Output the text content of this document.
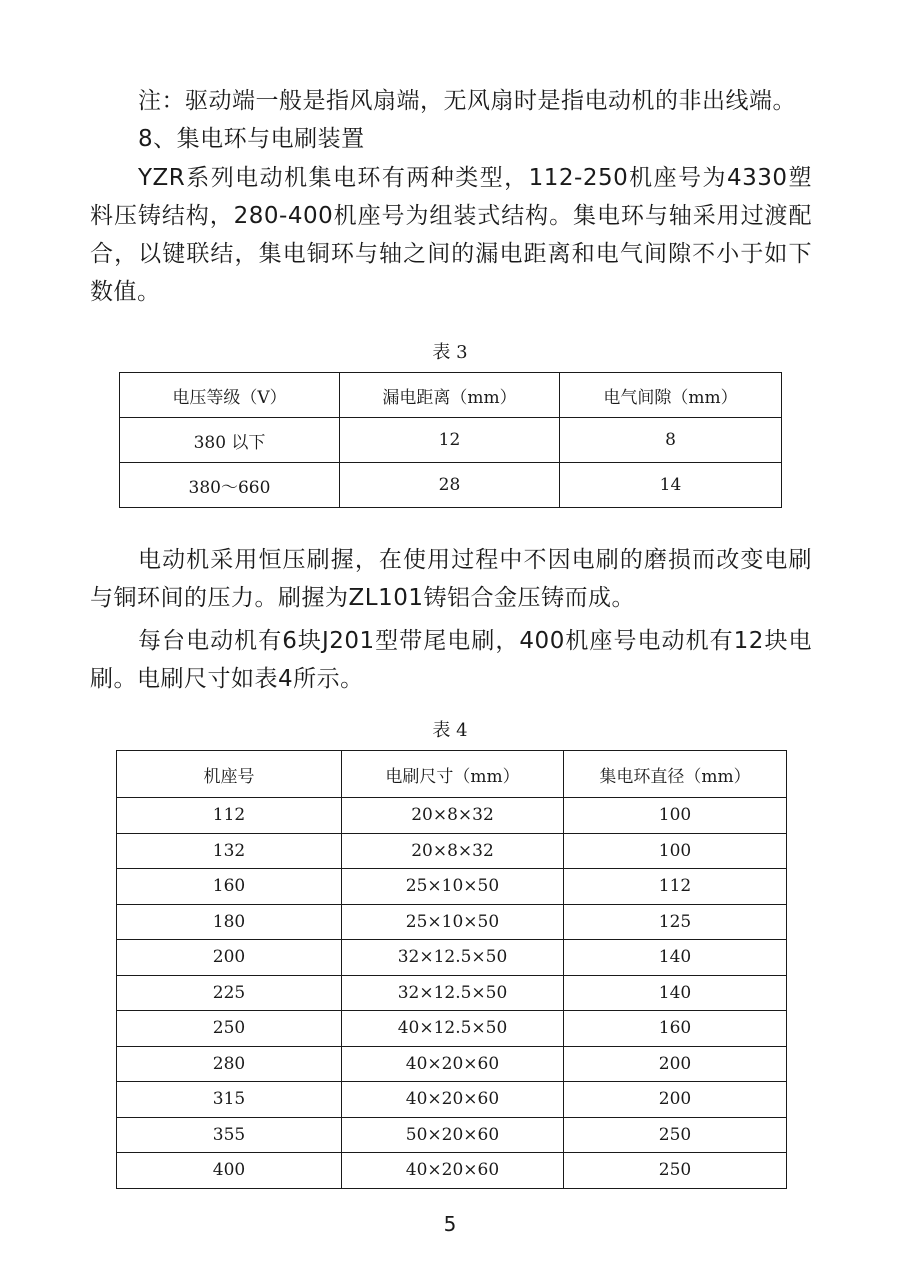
注：驱动端一般是指风扇端，无风扇时是指电动机的非出线端。

8、集电环与电刷装置

YZR系列电动机集电环有两种类型，112-250机座号为4330塑料压铸结构，280-400机座号为组装式结构。集电环与轴采用过渡配合，以键联结，集电铜环与轴之间的漏电距离和电气间隙不小于如下数值。

表 3

电压等级（V）	漏电距离（mm）	电气间隙（mm）
380 以下	12	8
380～660	28	14

电动机采用恒压刷握，在使用过程中不因电刷的磨损而改变电刷与铜环间的压力。刷握为ZL101铸铝合金压铸而成。

每台电动机有6块J201型带尾电刷，400机座号电动机有12块电刷。电刷尺寸如表4所示。

表 4

机座号	电刷尺寸（mm）	集电环直径（mm）
112	20×8×32	100
132	20×8×32	100
160	25×10×50	112
180	25×10×50	125
200	32×12.5×50	140
225	32×12.5×50	140
250	40×12.5×50	160
280	40×20×60	200
315	40×20×60	200
355	50×20×60	250
400	40×20×60	250
5
